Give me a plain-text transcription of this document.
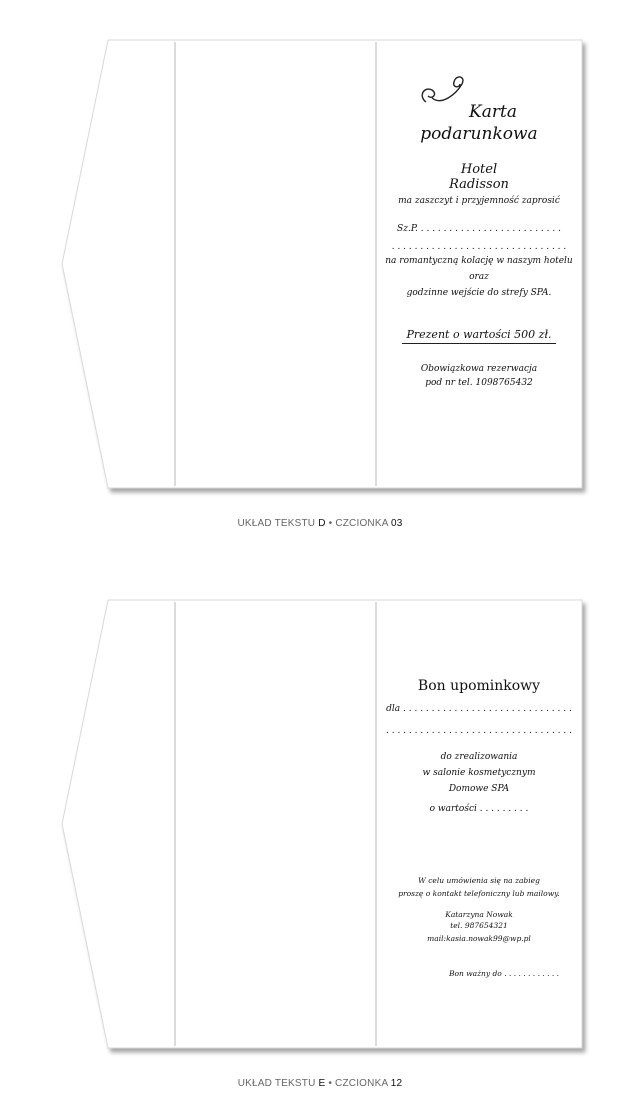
Karta
podarunkowa
Hotel
Radisson
ma zaszczyt i przyjemność zaprosić
Sz.P. . . . . . . . . . . . . . . . . . . . . . . . . .
. . . . . . . . . . . . . . . . . . . . . . . . . . . . . . .
na romantyczną kolację w naszym hotelu
oraz
godzinne wejście do strefy SPA.
Prezent o wartości 500 zł.
Obowiązkowa rezerwacja
pod nr tel. 1098765432
UKŁAD TEKSTU D • CZCIONKA 03
Bon upominkowy
dla . . . . . . . . . . . . . . . . . . . . . . . . . . . . . .
. . . . . . . . . . . . . . . . . . . . . . . . . . . . . . . . .
do zrealizowania
w salonie kosmetycznym
Domowe SPA
o wartości . . . . . . . . .
W celu umówienia się na zabieg
proszę o kontakt telefoniczny lub mailowy.
Katarzyna Nowak
tel. 987654321
mail:kasia.nowak99@wp.pl
Bon ważny do . . . . . . . . . . . .
UKŁAD TEKSTU E • CZCIONKA 12
